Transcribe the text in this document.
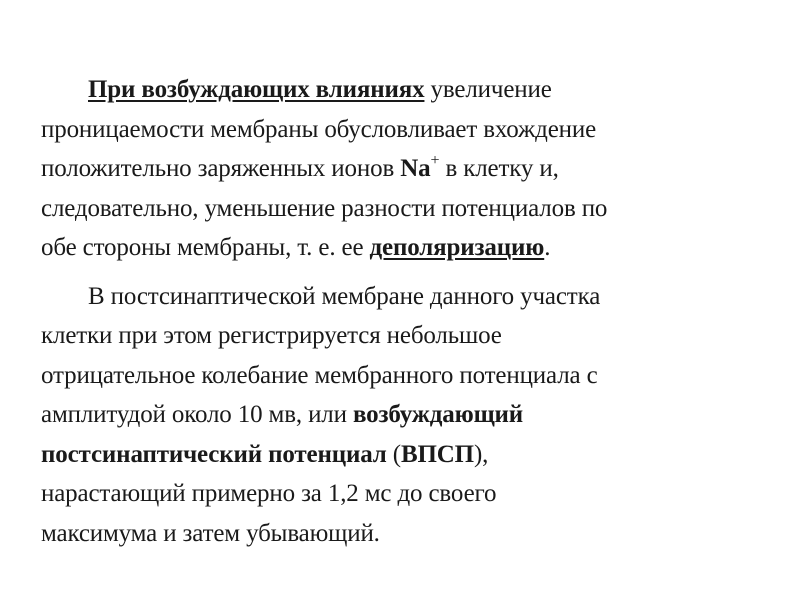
При возбуждающих влияниях увеличение
проницаемости мембраны обусловливает вхождение
положительно заряженных ионов Na+ в клетку и,
следовательно, уменьшение разности потенциалов по
обе стороны мембраны, т. е. ее деполяризацию.
В постсинаптической мембране данного участка
клетки при этом регистрируется небольшое
отрицательное колебание мембранного потенциала с
амплитудой около 10 мв, или возбуждающий
постсинаптический потенциал (ВПСП),
нарастающий примерно за 1,2 мс до своего
максимума и затем убывающий.
